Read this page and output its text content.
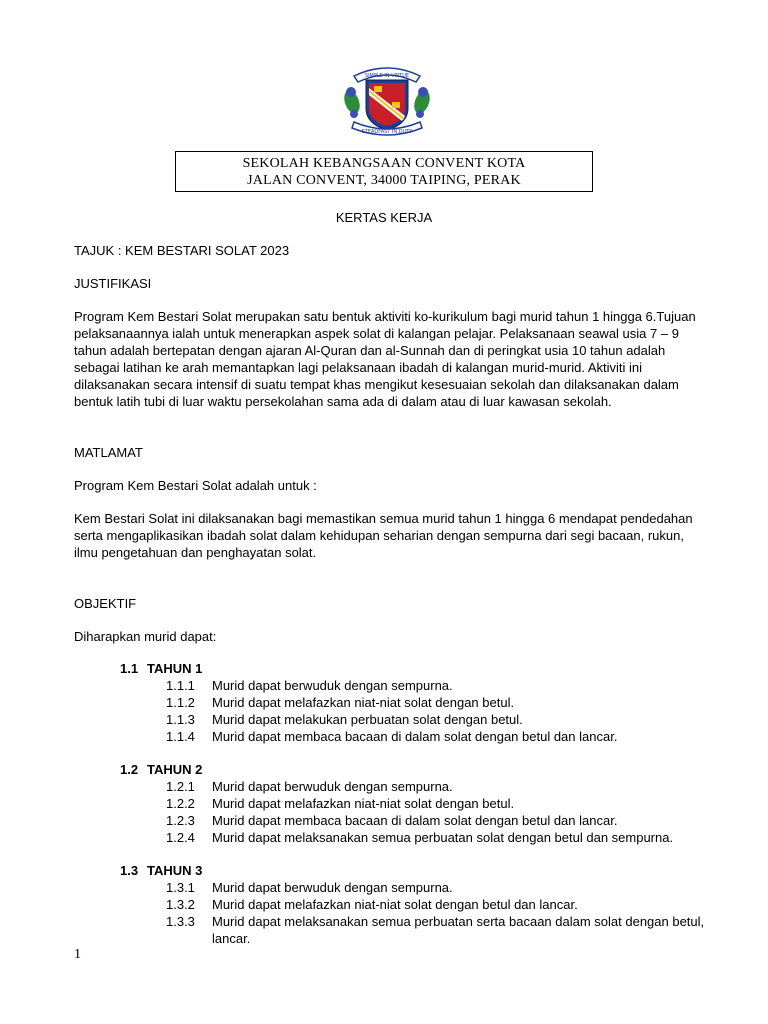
SIMPLE IN VIRTUE
STEADFAST IN DUTY
SEKOLAH KEBANGSAAN CONVENT KOTA
JALAN CONVENT, 34000 TAIPING, PERAK
KERTAS KERJA
TAJUK : KEM BESTARI SOLAT 2023
JUSTIFIKASI
Program Kem Bestari Solat merupakan satu bentuk aktiviti ko-kurikulum bagi murid tahun 1 hingga 6.Tujuan
pelaksanaannya ialah untuk menerapkan aspek solat di kalangan pelajar. Pelaksanaan seawal usia 7 – 9
tahun adalah bertepatan dengan ajaran Al-Quran dan al-Sunnah dan di peringkat usia 10 tahun adalah
sebagai latihan ke arah memantapkan lagi pelaksanaan ibadah di kalangan murid-murid. Aktiviti ini
dilaksanakan secara intensif di suatu tempat khas mengikut kesesuaian sekolah dan dilaksanakan dalam
bentuk latih tubi di luar waktu persekolahan sama ada di dalam atau di luar kawasan sekolah.
MATLAMAT
Program Kem Bestari Solat adalah untuk :
Kem Bestari Solat ini dilaksanakan bagi memastikan semua murid tahun 1 hingga 6 mendapat pendedahan
serta mengaplikasikan ibadah solat dalam kehidupan seharian dengan sempurna dari segi bacaan, rukun,
ilmu pengetahuan dan penghayatan solat.
OBJEKTIF
Diharapkan murid dapat:
1.1 TAHUN 1
1.1.1 Murid dapat berwuduk dengan sempurna.
1.1.2 Murid dapat melafazkan niat-niat solat dengan betul.
1.1.3 Murid dapat melakukan perbuatan solat dengan betul.
1.1.4 Murid dapat membaca bacaan di dalam solat dengan betul dan lancar.
1.2 TAHUN 2
1.2.1 Murid dapat berwuduk dengan sempurna.
1.2.2 Murid dapat melafazkan niat-niat solat dengan betul.
1.2.3 Murid dapat membaca bacaan di dalam solat dengan betul dan lancar.
1.2.4 Murid dapat melaksanakan semua perbuatan solat dengan betul dan sempurna.
1.3 TAHUN 3
1.3.1 Murid dapat berwuduk dengan sempurna.
1.3.2 Murid dapat melafazkan niat-niat solat dengan betul dan lancar.
1.3.3 Murid dapat melaksanakan semua perbuatan serta bacaan dalam solat dengan betul,
lancar.
1
